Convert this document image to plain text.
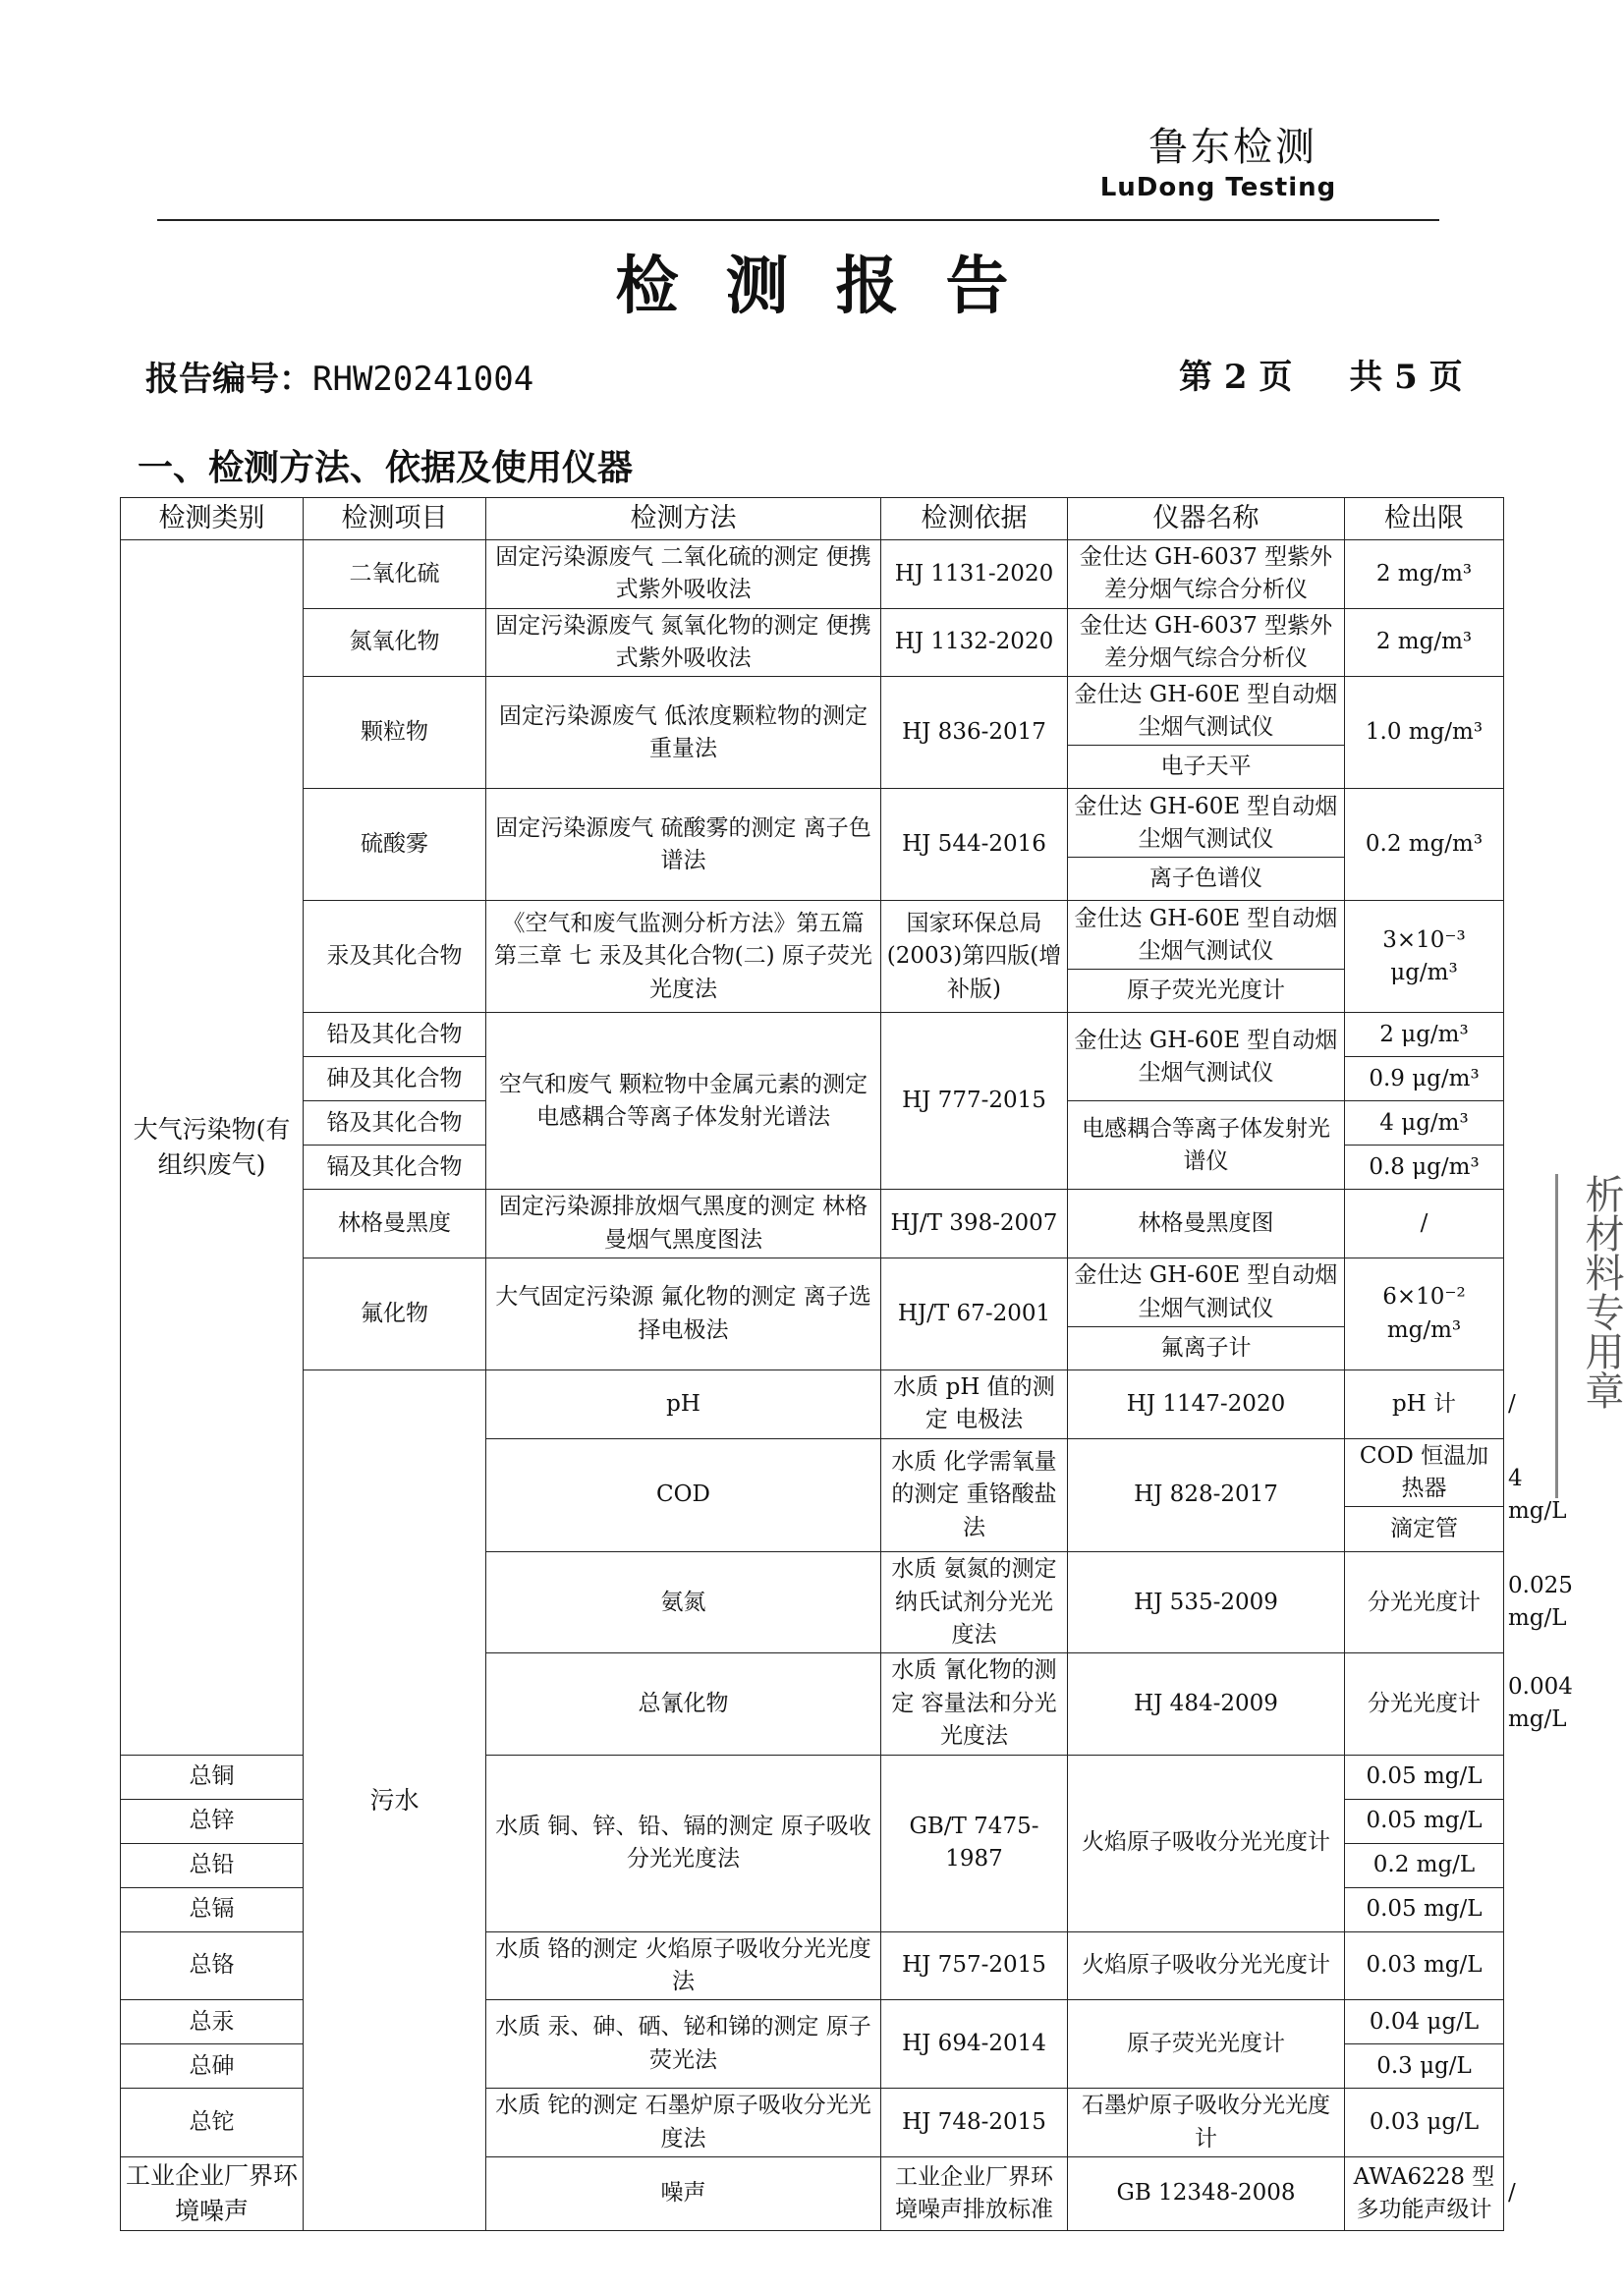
鲁东检测
LuDong Testing
检测报告
报告编号：RHW20241004	第 2 页 共 5 页
一、检测方法、依据及使用仪器
检测类别	检测项目	检测方法	检测依据	仪器名称	检出限	
大气污染物(有组织废气)	二氧化硫	固定污染源废气 二氧化硫的测定 便携式紫外吸收法	HJ 1131-2020	金仕达 GH-6037 型紫外差分烟气综合分析仪	2 mg/m³	
	氮氧化物	固定污染源废气 氮氧化物的测定 便携式紫外吸收法	HJ 1132-2020	金仕达 GH-6037 型紫外差分烟气综合分析仪	2 mg/m³	
	颗粒物	固定污染源废气 低浓度颗粒物的测定 重量法	HJ 836-2017	金仕达 GH-60E 型自动烟尘烟气测试仪	1.0 mg/m³	
				电子天平		
	硫酸雾	固定污染源废气 硫酸雾的测定 离子色谱法	HJ 544-2016	金仕达 GH-60E 型自动烟尘烟气测试仪	0.2 mg/m³	
				离子色谱仪		
	汞及其化合物	《空气和废气监测分析方法》第五篇 第三章 七 汞及其化合物(二) 原子荧光光度法	国家环保总局(2003)第四版(增补版)	金仕达 GH-60E 型自动烟尘烟气测试仪	3×10⁻³ μg/m³	
				原子荧光光度计		
	铅及其化合物	空气和废气 颗粒物中金属元素的测定 电感耦合等离子体发射光谱法	HJ 777-2015	金仕达 GH-60E 型自动烟尘烟气测试仪	2 μg/m³	
	砷及其化合物				0.9 μg/m³	
	铬及其化合物			电感耦合等离子体发射光谱仪	4 μg/m³	
	镉及其化合物				0.8 μg/m³	
	林格曼黑度	固定污染源排放烟气黑度的测定 林格曼烟气黑度图法	HJ/T 398-2007	林格曼黑度图	/	
	氟化物	大气固定污染源 氟化物的测定 离子选择电极法	HJ/T 67-2001	金仕达 GH-60E 型自动烟尘烟气测试仪	6×10⁻² mg/m³	
				氟离子计		
	污水	pH	水质 pH 值的测定 电极法	HJ 1147-2020	pH 计	/
		COD	水质 化学需氧量的测定 重铬酸盐法	HJ 828-2017	COD 恒温加热器	4 mg/L
					滴定管	
		氨氮	水质 氨氮的测定 纳氏试剂分光光度法	HJ 535-2009	分光光度计	0.025 mg/L
		总氰化物	水质 氰化物的测定 容量法和分光光度法	HJ 484-2009	分光光度计	0.004 mg/L
总铜		水质 铜、锌、铅、镉的测定 原子吸收分光光度法	GB/T 7475-1987	火焰原子吸收分光光度计	0.05 mg/L	
总锌					0.05 mg/L	
总铅					0.2 mg/L	
总镉					0.05 mg/L	
总铬		水质 铬的测定 火焰原子吸收分光光度法	HJ 757-2015	火焰原子吸收分光光度计	0.03 mg/L	
总汞		水质 汞、砷、硒、铋和锑的测定 原子荧光法	HJ 694-2014	原子荧光光度计	0.04 μg/L	
总砷					0.3 μg/L	
总铊		水质 铊的测定 石墨炉原子吸收分光光度法	HJ 748-2015	石墨炉原子吸收分光光度计	0.03 μg/L	
工业企业厂界环境噪声		噪声	工业企业厂界环境噪声排放标准	GB 12348-2008	AWA6228 型多功能声级计	/
析材料专用章
